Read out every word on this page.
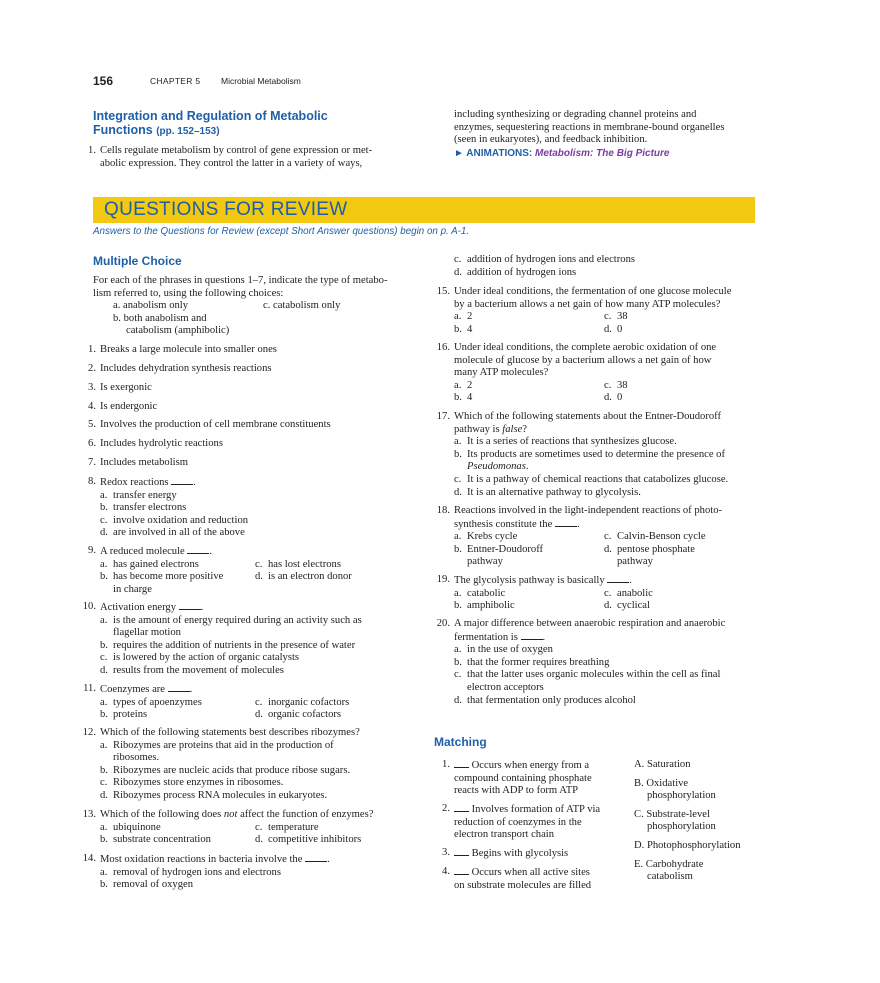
156	CHAPTER 5 Microbial Metabolism
Integration and Regulation of Metabolic
Functions (pp. 152–153)
1. Cells regulate metabolism by control of gene expression or met-
abolic expression. They control the latter in a variety of ways,
including synthesizing or degrading channel proteins and
enzymes, sequestering reactions in membrane-bound organelles
(seen in eukaryotes), and feedback inhibition.
► ANIMATIONS: Metabolism: The Big Picture
QUESTIONS FOR REVIEW
Answers to the Questions for Review (except Short Answer questions) begin on p. A-1.
Multiple Choice
For each of the phrases in questions 1–7, indicate the type of metabo-
lism referred to, using the following choices:
a. anabolism only
b. both anabolism and
catabolism (amphibolic)
c. catabolism only
1. Breaks a large molecule into smaller ones
2. Includes dehydration synthesis reactions
3. Is exergonic
4. Is endergonic
5. Involves the production of cell membrane constituents
6. Includes hydrolytic reactions
7. Includes metabolism
8. Redox reactions .
a. transfer energy
b. transfer electrons
c. involve oxidation and reduction
d. are involved in all of the above
9. A reduced molecule .
a. has gained electrons
b. has become more positive
in charge
c. has lost electrons
d. is an electron donor
10. Activation energy .
a. is the amount of energy required during an activity such as
flagellar motion
b. requires the addition of nutrients in the presence of water
c. is lowered by the action of organic catalysts
d. results from the movement of molecules
11. Coenzymes are .
a. types of apoenzymes
b. proteins
c. inorganic cofactors
d. organic cofactors
12. Which of the following statements best describes ribozymes?
a. Ribozymes are proteins that aid in the production of
ribosomes.
b. Ribozymes are nucleic acids that produce ribose sugars.
c. Ribozymes store enzymes in ribosomes.
d. Ribozymes process RNA molecules in eukaryotes.
13. Which of the following does not affect the function of enzymes?
a. ubiquinone
b. substrate concentration
c. temperature
d. competitive inhibitors
14. Most oxidation reactions in bacteria involve the .
a. removal of hydrogen ions and electrons
b. removal of oxygen
c. addition of hydrogen ions and electrons
d. addition of hydrogen ions
15. Under ideal conditions, the fermentation of one glucose molecule
by a bacterium allows a net gain of how many ATP molecules?
a. 2
b. 4
c. 38
d. 0
16. Under ideal conditions, the complete aerobic oxidation of one
molecule of glucose by a bacterium allows a net gain of how
many ATP molecules?
a. 2
b. 4
c. 38
d. 0
17. Which of the following statements about the Entner-Doudoroff
pathway is false?
a. It is a series of reactions that synthesizes glucose.
b. Its products are sometimes used to determine the presence of
Pseudomonas.
c. It is a pathway of chemical reactions that catabolizes glucose.
d. It is an alternative pathway to glycolysis.
18. Reactions involved in the light-independent reactions of photo-
synthesis constitute the .
a. Krebs cycle
b. Entner-Doudoroff
pathway
c. Calvin-Benson cycle
d. pentose phosphate
pathway
19. The glycolysis pathway is basically .
a. catabolic
b. amphibolic
c. anabolic
d. cyclical
20. A major difference between anaerobic respiration and anaerobic
fermentation is .
a. in the use of oxygen
b. that the former requires breathing
c. that the latter uses organic molecules within the cell as final
electron acceptors
d. that fermentation only produces alcohol
Matching
1.	Occurs when energy from a
compound containing phosphate
reacts with ADP to form ATP
2.	Involves formation of ATP via
reduction of coenzymes in the
electron transport chain
3.	Begins with glycolysis
4.	Occurs when all active sites
on substrate molecules are filled
A. Saturation
B. Oxidative
phosphorylation
C. Substrate-level
phosphorylation
D. Photophosphorylation
E. Carbohydrate
catabolism
